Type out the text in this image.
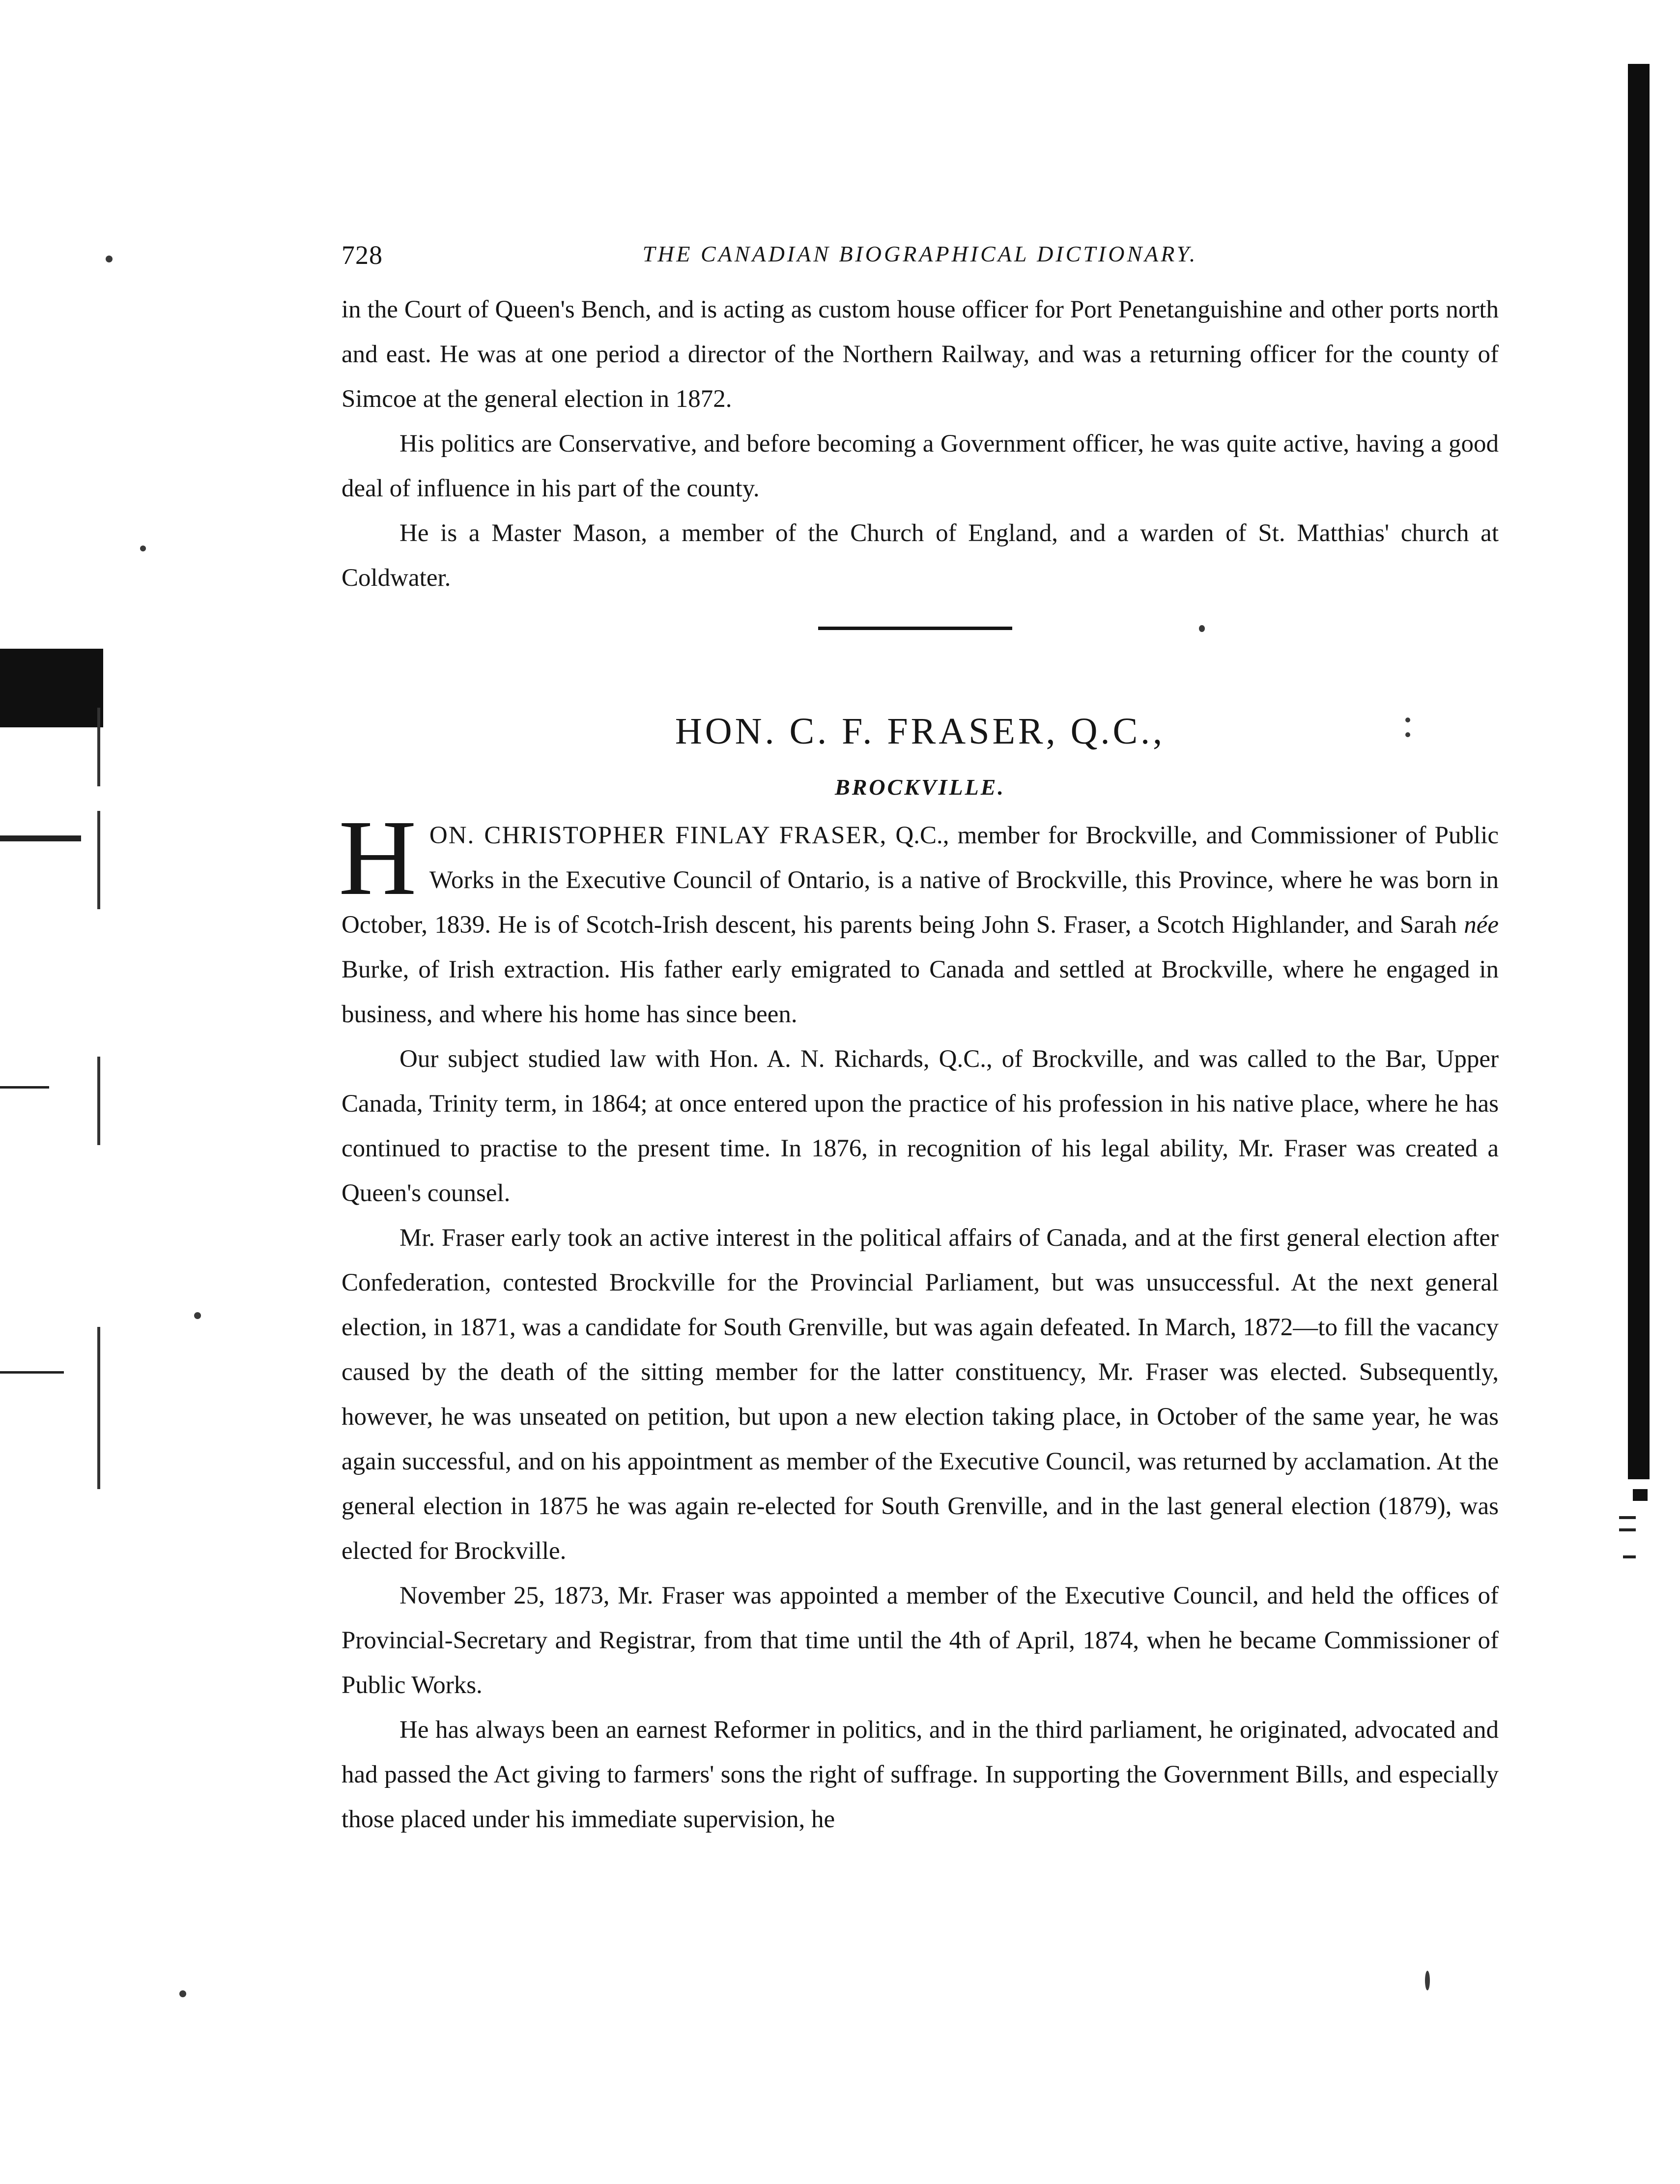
728	THE CANADIAN BIOGRAPHICAL DICTIONARY.

in the Court of Queen's Bench, and is acting as custom house officer for Port Penetanguishine and other ports north and east. He was at one period a director of the Northern Railway, and was a returning officer for the county of Simcoe at the general election in 1872.

His politics are Conservative, and before becoming a Government officer, he was quite active, having a good deal of influence in his part of the county.

He is a Master Mason, a member of the Church of England, and a warden of St. Matthias' church at Coldwater.

HON. C. F. FRASER, Q.C.,
BROCKVILLE.

HON. CHRISTOPHER FINLAY FRASER, Q.C., member for Brockville, and Commissioner of Public Works in the Executive Council of Ontario, is a native of Brockville, this Province, where he was born in October, 1839. He is of Scotch-Irish descent, his parents being John S. Fraser, a Scotch Highlander, and Sarah née Burke, of Irish extraction. His father early emigrated to Canada and settled at Brockville, where he engaged in business, and where his home has since been.

Our subject studied law with Hon. A. N. Richards, Q.C., of Brockville, and was called to the Bar, Upper Canada, Trinity term, in 1864; at once entered upon the practice of his profession in his native place, where he has continued to practise to the present time. In 1876, in recognition of his legal ability, Mr. Fraser was created a Queen's counsel.

Mr. Fraser early took an active interest in the political affairs of Canada, and at the first general election after Confederation, contested Brockville for the Provincial Parliament, but was unsuccessful. At the next general election, in 1871, was a candidate for South Grenville, but was again defeated. In March, 1872—to fill the vacancy caused by the death of the sitting member for the latter constituency, Mr. Fraser was elected. Subsequently, however, he was unseated on petition, but upon a new election taking place, in October of the same year, he was again successful, and on his appointment as member of the Executive Council, was returned by acclamation. At the general election in 1875 he was again re-elected for South Grenville, and in the last general election (1879), was elected for Brockville.

November 25, 1873, Mr. Fraser was appointed a member of the Executive Council, and held the offices of Provincial-Secretary and Registrar, from that time until the 4th of April, 1874, when he became Commissioner of Public Works.

He has always been an earnest Reformer in politics, and in the third parliament, he originated, advocated and had passed the Act giving to farmers' sons the right of suffrage. In supporting the Government Bills, and especially those placed under his immediate supervision, he
